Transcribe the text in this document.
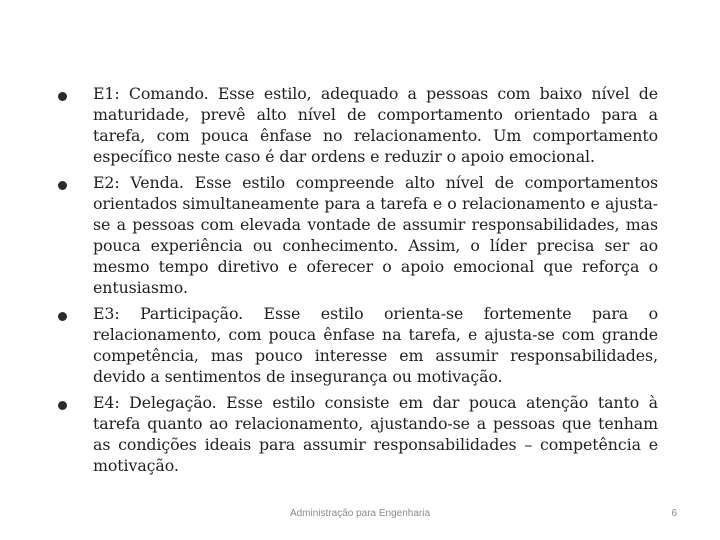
E1: Comando. Esse estilo, adequado a pessoas com baixo nível de maturidade, prevê alto nível de comportamento orientado para a tarefa, com pouca ênfase no relacionamento. Um comportamento específico neste caso é dar ordens e reduzir o apoio emocional.
E2: Venda. Esse estilo compreende alto nível de comportamentos orientados simultaneamente para a tarefa e o relacionamento e ajusta-se a pessoas com elevada vontade de assumir responsabilidades, mas pouca experiência ou conhecimento. Assim, o líder precisa ser ao mesmo tempo diretivo e oferecer o apoio emocional que reforça o entusiasmo.
E3: Participação. Esse estilo orienta-se fortemente para o relacionamento, com pouca ênfase na tarefa, e ajusta-se com grande competência, mas pouco interesse em assumir responsabilidades, devido a sentimentos de insegurança ou motivação.
E4: Delegação. Esse estilo consiste em dar pouca atenção tanto à tarefa quanto ao relacionamento, ajustando-se a pessoas que tenham as condições ideais para assumir responsabilidades – competência e motivação.
Administração para Engenharia	6
